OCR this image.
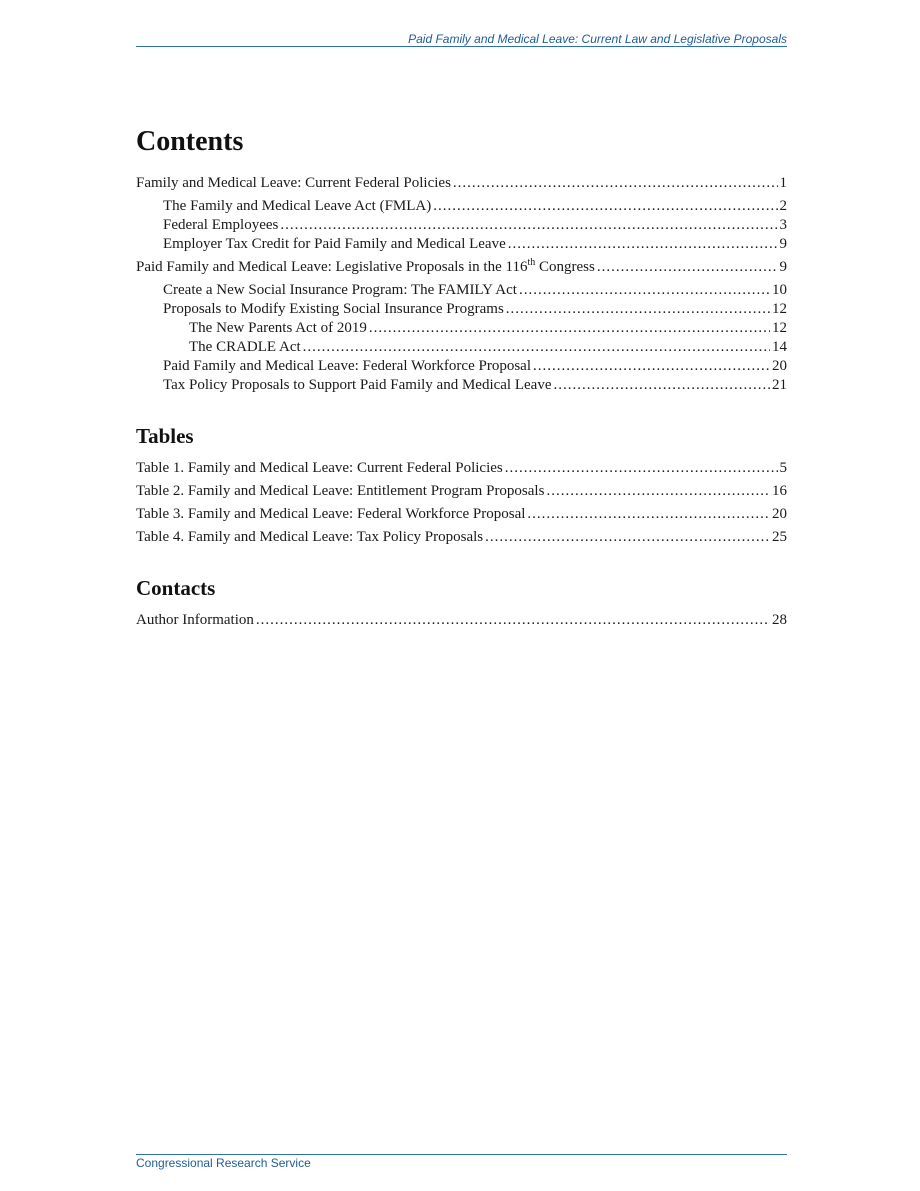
Paid Family and Medical Leave: Current Law and Legislative Proposals
Contents
Family and Medical Leave: Current Federal Policies .....	1
The Family and Medical Leave Act (FMLA) .....	2
Federal Employees .....	3
Employer Tax Credit for Paid Family and Medical Leave .....	9
Paid Family and Medical Leave: Legislative Proposals in the 116th Congress .....	9
Create a New Social Insurance Program: The FAMILY Act .....	10
Proposals to Modify Existing Social Insurance Programs .....	12
The New Parents Act of 2019 .....	12
The CRADLE Act .....	14
Paid Family and Medical Leave: Federal Workforce Proposal .....	20
Tax Policy Proposals to Support Paid Family and Medical Leave .....	21
Tables
Table 1. Family and Medical Leave: Current Federal Policies .....	5
Table 2. Family and Medical Leave: Entitlement Program Proposals .....	16
Table 3. Family and Medical Leave: Federal Workforce Proposal .....	20
Table 4. Family and Medical Leave: Tax Policy Proposals .....	25
Contacts
Author Information .....	28
Congressional Research Service
